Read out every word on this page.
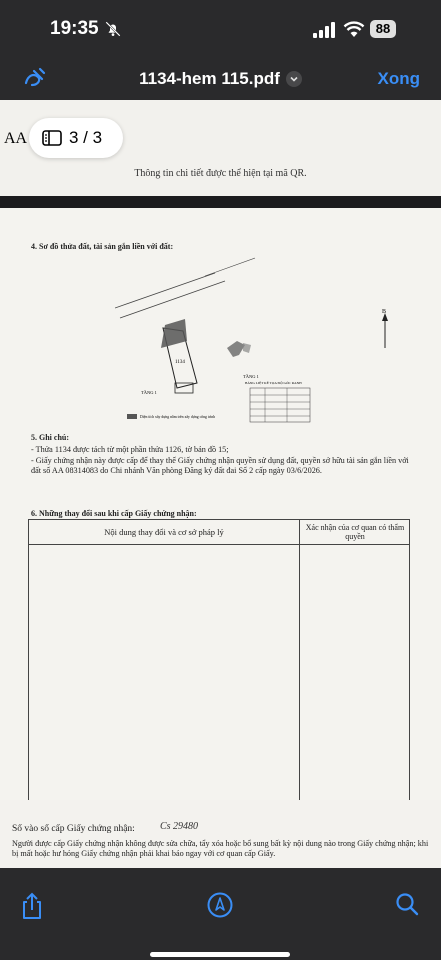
19:35	88
1134-hem 115.pdf	Xong
Thông tin chi tiết được thể hiện tại mã QR.
AA 3 / 3
4. Sơ đồ thửa đất, tài sản gắn liền với đất:
1134
TẦNG 1
TẦNG 1
B
BẢNG LIỆT KÊ TỌA ĐỘ GÓC RANH
Diện tích xây dựng nằm trên xây dựng công trình
5. Ghi chú:
- Thửa 1134 được tách từ một phần thửa 1126, tờ bản đồ 15;
- Giấy chứng nhận này được cấp để thay thế Giấy chứng nhận quyền sử dụng đất, quyền sở hữu tài sản gắn liền với đất số AA 08314083 do Chi nhánh Văn phòng Đăng ký đất đai Số 2 cấp ngày 03/6/2026.
6. Những thay đổi sau khi cấp Giấy chứng nhận:
Nội dung thay đổi và cơ sở pháp lý	Xác nhận của cơ quan có thẩm quyền
Số vào sổ cấp Giấy chứng nhận:	Cs 29480
Người được cấp Giấy chứng nhận không được sửa chữa, tẩy xóa hoặc bổ sung bất kỳ nội dung nào trong Giấy chứng nhận; khi bị mất hoặc hư hỏng Giấy chứng nhận phải khai báo ngay với cơ quan cấp Giấy.
